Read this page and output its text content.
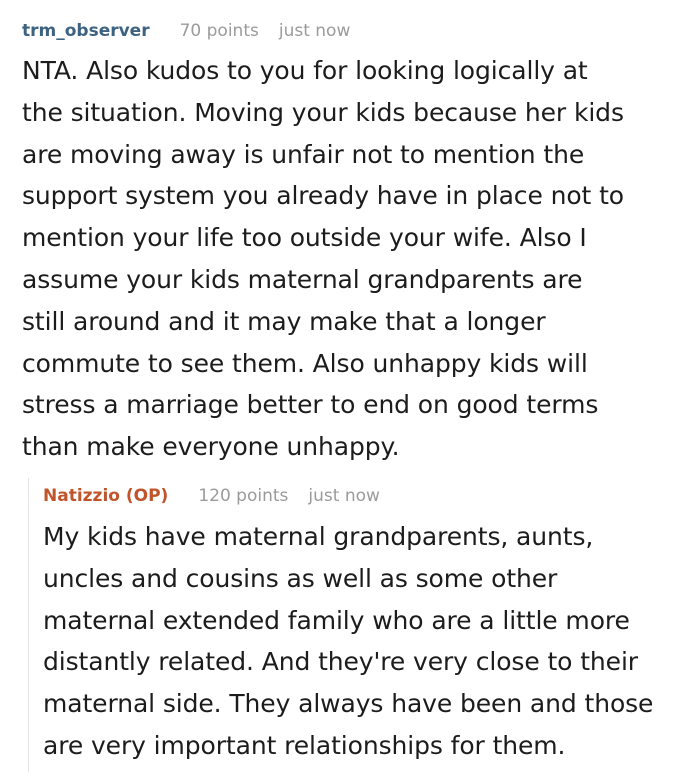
trm_observer 70 points just now
NTA. Also kudos to you for looking logically at
the situation. Moving your kids because her kids
are moving away is unfair not to mention the
support system you already have in place not to
mention your life too outside your wife. Also I
assume your kids maternal grandparents are
still around and it may make that a longer
commute to see them. Also unhappy kids will
stress a marriage better to end on good terms
than make everyone unhappy.
Natizzio (OP) 120 points just now
My kids have maternal grandparents, aunts,
uncles and cousins as well as some other
maternal extended family who are a little more
distantly related. And they're very close to their
maternal side. They always have been and those
are very important relationships for them.
